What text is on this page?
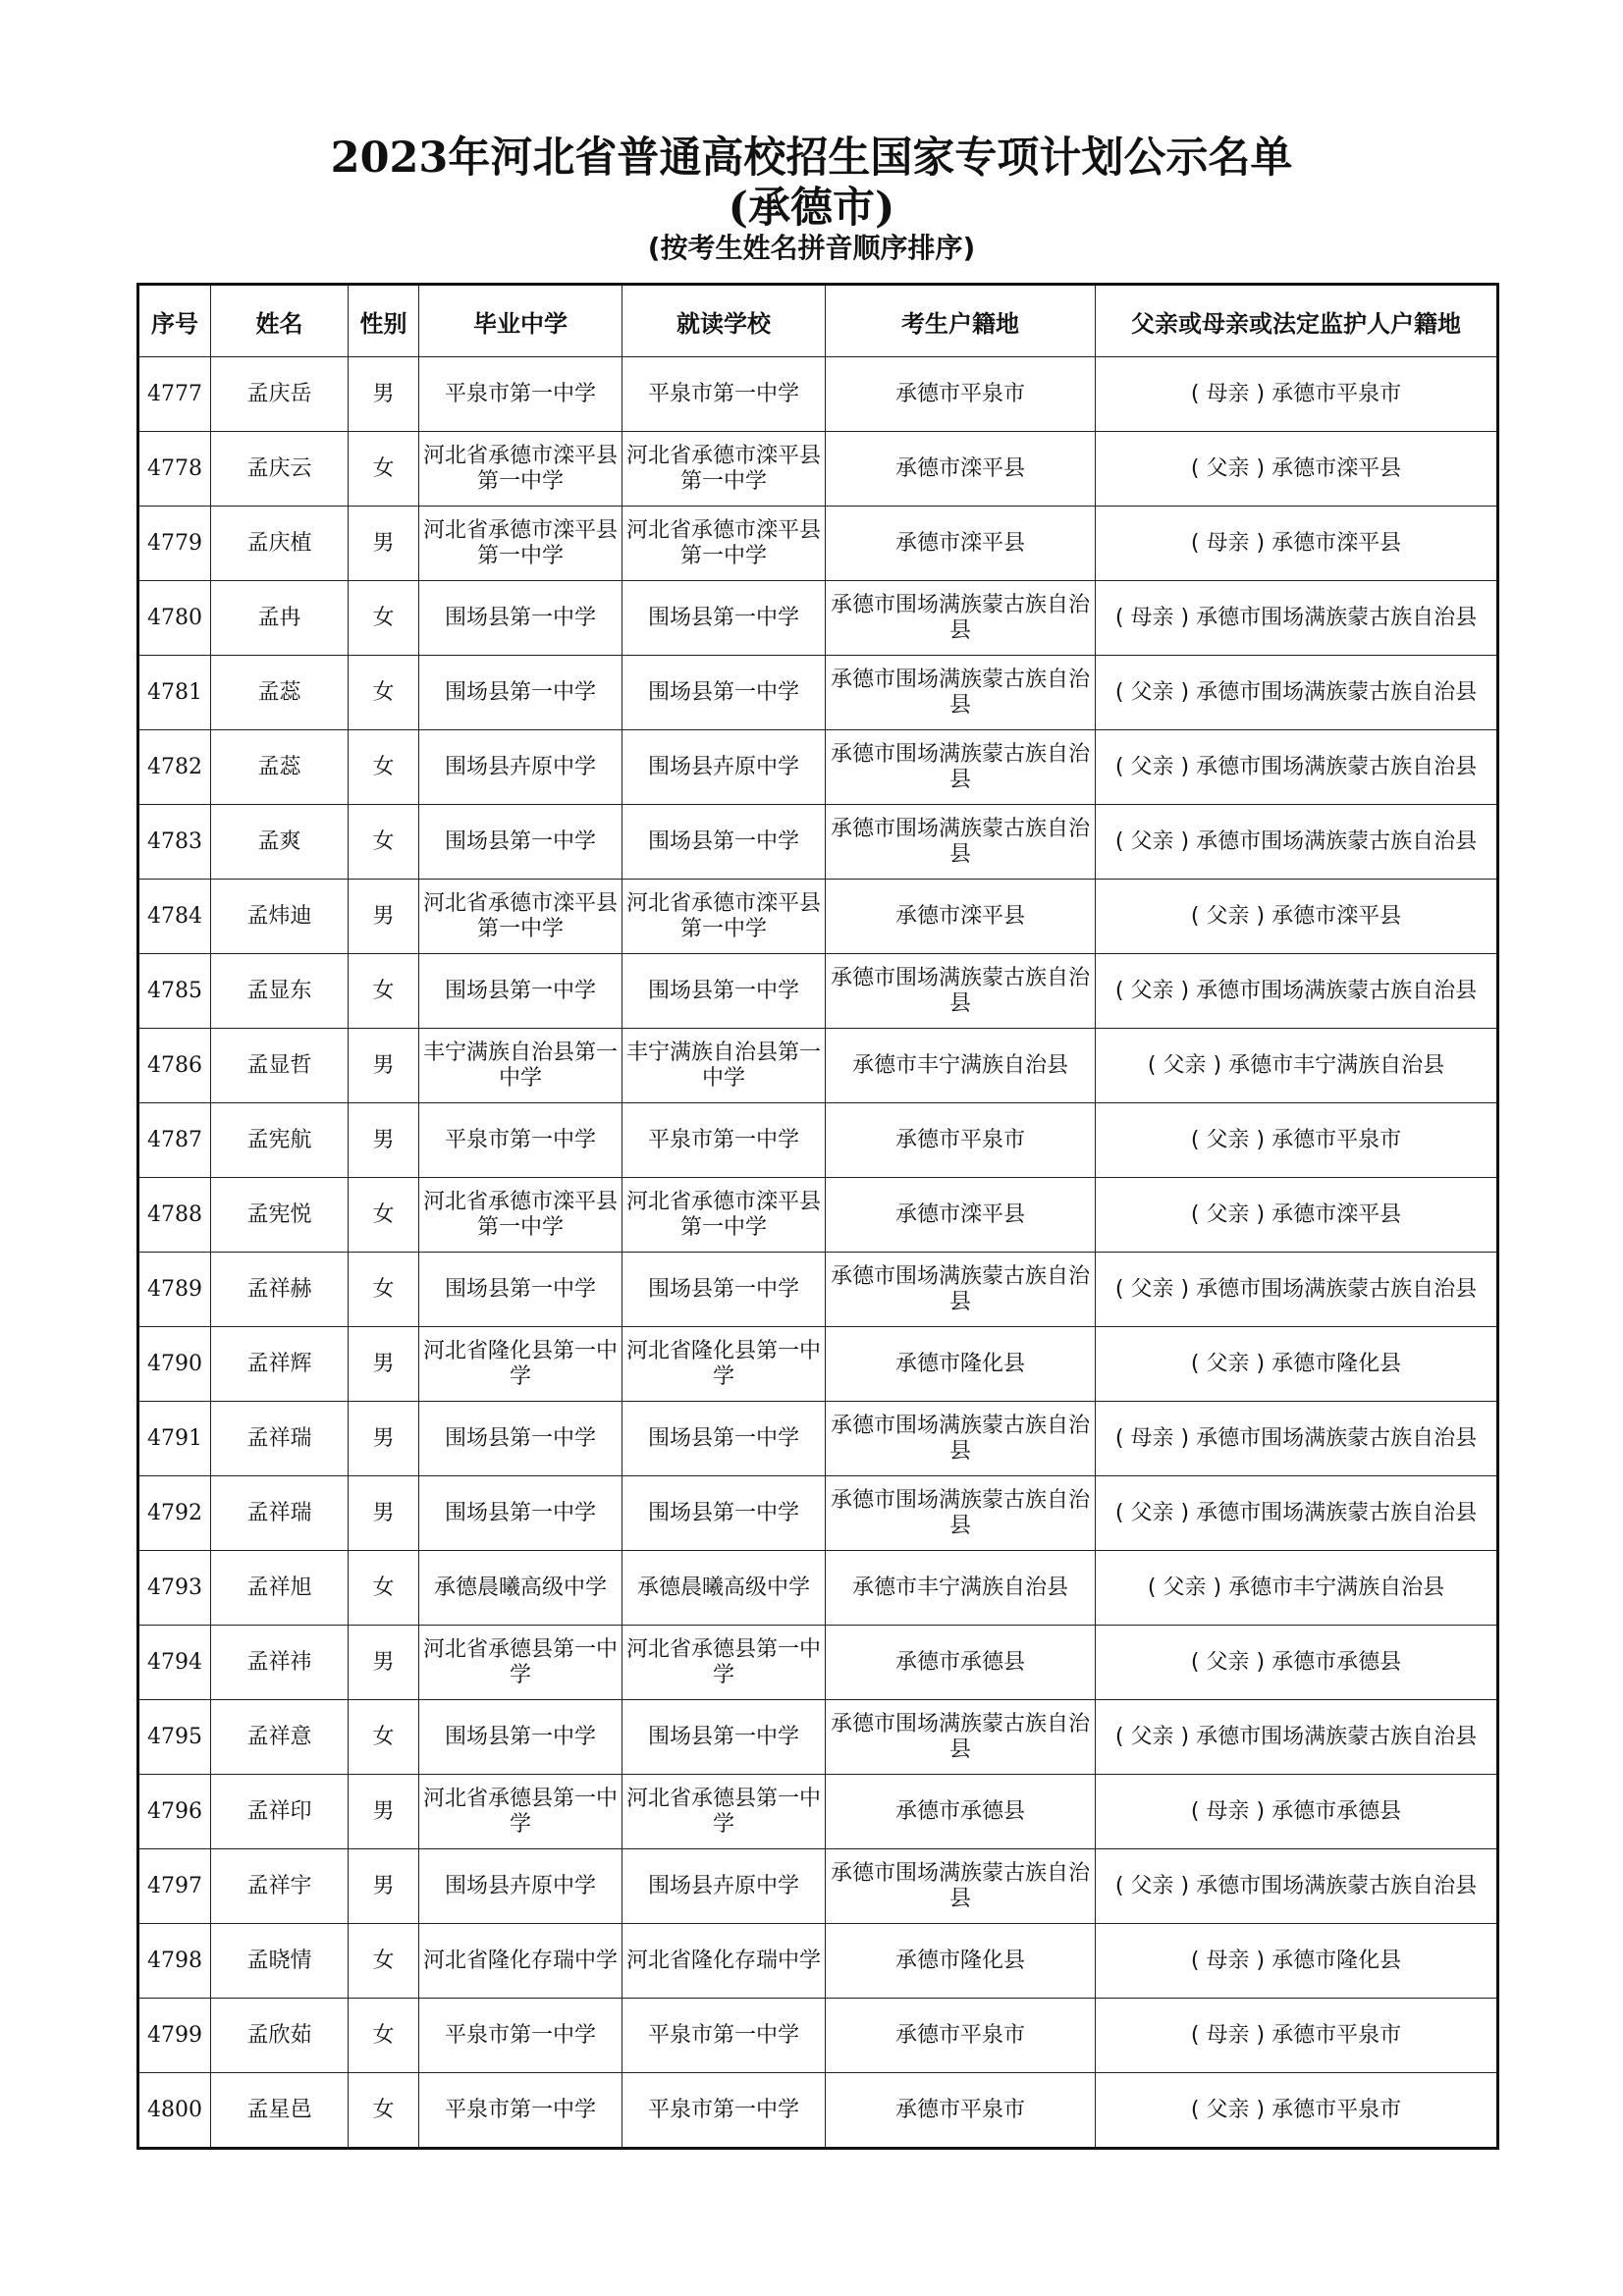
2023年河北省普通高校招生国家专项计划公示名单
(承德市)
(按考生姓名拼音顺序排序)
序号	姓名	性别	毕业中学	就读学校	考生户籍地	父亲或母亲或法定监护人户籍地
4777	孟庆岳	男	平泉市第一中学	平泉市第一中学	承德市平泉市	( 母亲 ) 承德市平泉市
4778	孟庆云	女	河北省承德市滦平县第一中学	河北省承德市滦平县第一中学	承德市滦平县	( 父亲 ) 承德市滦平县
4779	孟庆植	男	河北省承德市滦平县第一中学	河北省承德市滦平县第一中学	承德市滦平县	( 母亲 ) 承德市滦平县
4780	孟冉	女	围场县第一中学	围场县第一中学	承德市围场满族蒙古族自治县	( 母亲 ) 承德市围场满族蒙古族自治县
4781	孟蕊	女	围场县第一中学	围场县第一中学	承德市围场满族蒙古族自治县	( 父亲 ) 承德市围场满族蒙古族自治县
4782	孟蕊	女	围场县卉原中学	围场县卉原中学	承德市围场满族蒙古族自治县	( 父亲 ) 承德市围场满族蒙古族自治县
4783	孟爽	女	围场县第一中学	围场县第一中学	承德市围场满族蒙古族自治县	( 父亲 ) 承德市围场满族蒙古族自治县
4784	孟炜迪	男	河北省承德市滦平县第一中学	河北省承德市滦平县第一中学	承德市滦平县	( 父亲 ) 承德市滦平县
4785	孟显东	女	围场县第一中学	围场县第一中学	承德市围场满族蒙古族自治县	( 父亲 ) 承德市围场满族蒙古族自治县
4786	孟显哲	男	丰宁满族自治县第一中学	丰宁满族自治县第一中学	承德市丰宁满族自治县	( 父亲 ) 承德市丰宁满族自治县
4787	孟宪航	男	平泉市第一中学	平泉市第一中学	承德市平泉市	( 父亲 ) 承德市平泉市
4788	孟宪悦	女	河北省承德市滦平县第一中学	河北省承德市滦平县第一中学	承德市滦平县	( 父亲 ) 承德市滦平县
4789	孟祥赫	女	围场县第一中学	围场县第一中学	承德市围场满族蒙古族自治县	( 父亲 ) 承德市围场满族蒙古族自治县
4790	孟祥辉	男	河北省隆化县第一中学	河北省隆化县第一中学	承德市隆化县	( 父亲 ) 承德市隆化县
4791	孟祥瑞	男	围场县第一中学	围场县第一中学	承德市围场满族蒙古族自治县	( 母亲 ) 承德市围场满族蒙古族自治县
4792	孟祥瑞	男	围场县第一中学	围场县第一中学	承德市围场满族蒙古族自治县	( 父亲 ) 承德市围场满族蒙古族自治县
4793	孟祥旭	女	承德晨曦高级中学	承德晨曦高级中学	承德市丰宁满族自治县	( 父亲 ) 承德市丰宁满族自治县
4794	孟祥祎	男	河北省承德县第一中学	河北省承德县第一中学	承德市承德县	( 父亲 ) 承德市承德县
4795	孟祥意	女	围场县第一中学	围场县第一中学	承德市围场满族蒙古族自治县	( 父亲 ) 承德市围场满族蒙古族自治县
4796	孟祥印	男	河北省承德县第一中学	河北省承德县第一中学	承德市承德县	( 母亲 ) 承德市承德县
4797	孟祥宇	男	围场县卉原中学	围场县卉原中学	承德市围场满族蒙古族自治县	( 父亲 ) 承德市围场满族蒙古族自治县
4798	孟晓情	女	河北省隆化存瑞中学	河北省隆化存瑞中学	承德市隆化县	( 母亲 ) 承德市隆化县
4799	孟欣茹	女	平泉市第一中学	平泉市第一中学	承德市平泉市	( 母亲 ) 承德市平泉市
4800	孟星邑	女	平泉市第一中学	平泉市第一中学	承德市平泉市	( 父亲 ) 承德市平泉市
